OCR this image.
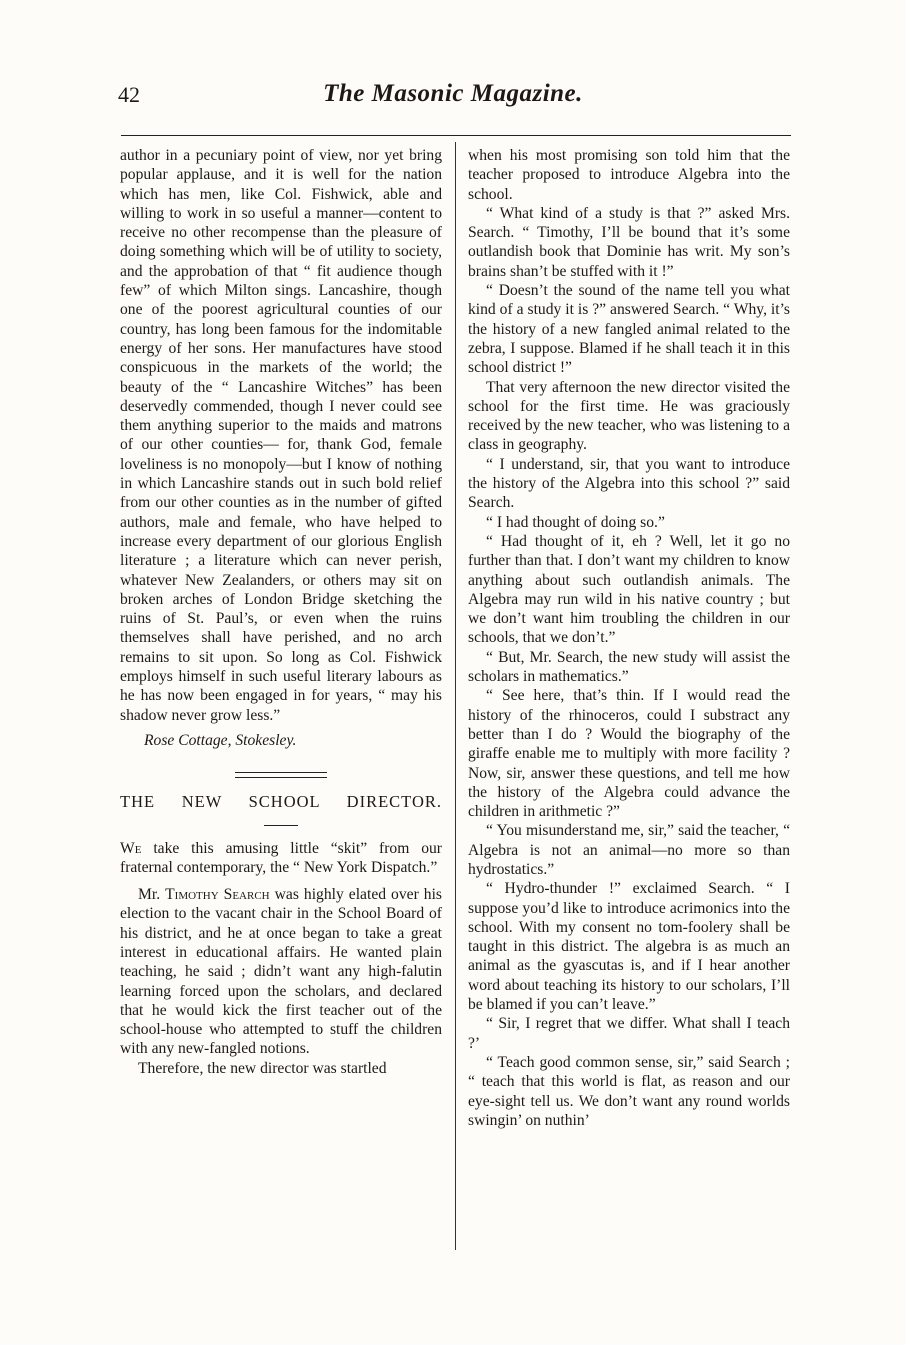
42	The Masonic Magazine.

author in a pecuniary point of view, nor yet bring popular applause, and it is well for the nation which has men, like Col. Fishwick, able and willing to work in so useful a manner—content to receive no other recompense than the pleasure of doing something which will be of utility to society, and the approbation of that “ fit audience though few” of which Milton sings. Lancashire, though one of the poorest agricultural counties of our country, has long been famous for the indomitable energy of her sons. Her manufactures have stood conspicuous in the markets of the world; the beauty of the “ Lancashire Witches” has been deservedly commended, though I never could see them anything superior to the maids and matrons of our other counties— for, thank God, female loveliness is no monopoly—but I know of nothing in which Lancashire stands out in such bold relief from our other counties as in the number of gifted authors, male and female, who have helped to increase every department of our glorious English literature ; a literature which can never perish, whatever New Zealanders, or others may sit on broken arches of London Bridge sketching the ruins of St. Paul’s, or even when the ruins themselves shall have perished, and no arch remains to sit upon. So long as Col. Fishwick employs himself in such useful literary labours as he has now been engaged in for years, “ may his shadow never grow less.”

Rose Cottage, Stokesley.

THE NEW SCHOOL DIRECTOR.

We take this amusing little “skit” from our fraternal contemporary, the “ New York Dispatch.”

Mr. Timothy Search was highly elated over his election to the vacant chair in the School Board of his district, and he at once began to take a great interest in educational affairs. He wanted plain teaching, he said ; didn’t want any high-falutin learning forced upon the scholars, and declared that he would kick the first teacher out of the school-house who attempted to stuff the children with any new-fangled notions.

Therefore, the new director was startled

when his most promising son told him that the teacher proposed to introduce Algebra into the school.

“ What kind of a study is that ?” asked Mrs. Search. “ Timothy, I’ll be bound that it’s some outlandish book that Dominie has writ. My son’s brains shan’t be stuffed with it !”

“ Doesn’t the sound of the name tell you what kind of a study it is ?” answered Search. “ Why, it’s the history of a new fangled animal related to the zebra, I suppose. Blamed if he shall teach it in this school district !”

That very afternoon the new director visited the school for the first time. He was graciously received by the new teacher, who was listening to a class in geography.

“ I understand, sir, that you want to introduce the history of the Algebra into this school ?” said Search.

“ I had thought of doing so.”

“ Had thought of it, eh ? Well, let it go no further than that. I don’t want my children to know anything about such outlandish animals. The Algebra may run wild in his native country ; but we don’t want him troubling the children in our schools, that we don’t.”

“ But, Mr. Search, the new study will assist the scholars in mathematics.”

“ See here, that’s thin. If I would read the history of the rhinoceros, could I substract any better than I do ? Would the biography of the giraffe enable me to multiply with more facility ? Now, sir, answer these questions, and tell me how the history of the Algebra could advance the children in arithmetic ?”

“ You misunderstand me, sir,” said the teacher, “ Algebra is not an animal—no more so than hydrostatics.”

“ Hydro-thunder !” exclaimed Search. “ I suppose you’d like to introduce acrimonics into the school. With my consent no tom-foolery shall be taught in this district. The algebra is as much an animal as the gyascutas is, and if I hear another word about teaching its history to our scholars, I’ll be blamed if you can’t leave.”

“ Sir, I regret that we differ. What shall I teach ?’

“ Teach good common sense, sir,” said Search ; “ teach that this world is flat, as reason and our eye-sight tell us. We don’t want any round worlds swingin’ on nuthin’
